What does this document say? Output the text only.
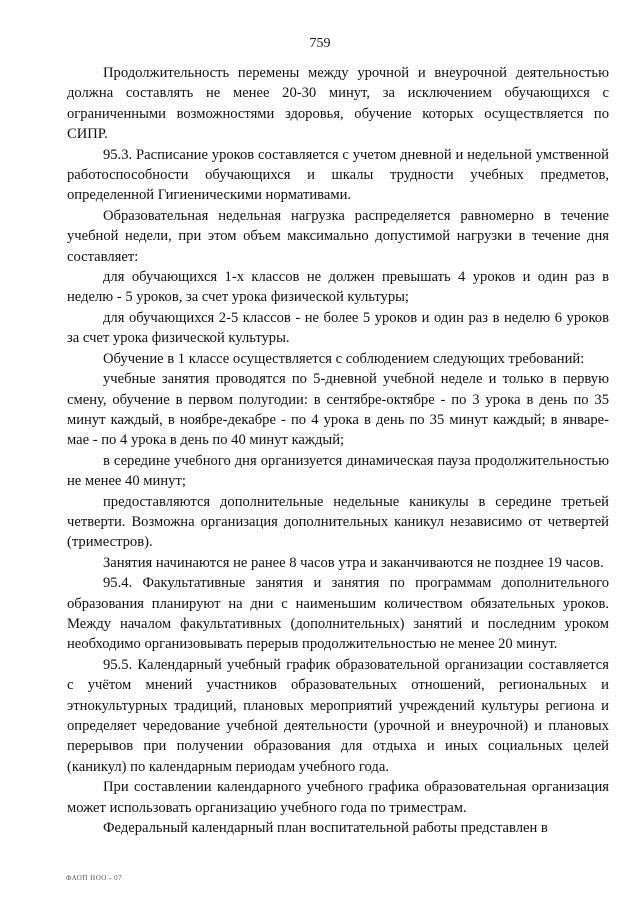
759

Продолжительность перемены между урочной и внеурочной деятельностью должна составлять не менее 20-30 минут, за исключением обучающихся с ограниченными возможностями здоровья, обучение которых осуществляется по СИПР.

95.3. Расписание уроков составляется с учетом дневной и недельной умственной работоспособности обучающихся и шкалы трудности учебных предметов, определенной Гигиеническими нормативами.

Образовательная недельная нагрузка распределяется равномерно в течение учебной недели, при этом объем максимально допустимой нагрузки в течение дня составляет:

для обучающихся 1-х классов не должен превышать 4 уроков и один раз в неделю - 5 уроков, за счет урока физической культуры;

для обучающихся 2-5 классов - не более 5 уроков и один раз в неделю 6 уроков за счет урока физической культуры.

Обучение в 1 классе осуществляется с соблюдением следующих требований:

учебные занятия проводятся по 5-дневной учебной неделе и только в первую смену, обучение в первом полугодии: в сентябре-октябре - по 3 урока в день по 35 минут каждый, в ноябре-декабре - по 4 урока в день по 35 минут каждый; в январе-мае - по 4 урока в день по 40 минут каждый;

в середине учебного дня организуется динамическая пауза продолжительностью не менее 40 минут;

предоставляются дополнительные недельные каникулы в середине третьей четверти. Возможна организация дополнительных каникул независимо от четвертей (триместров).

Занятия начинаются не ранее 8 часов утра и заканчиваются не позднее 19 часов.

95.4. Факультативные занятия и занятия по программам дополнительного образования планируют на дни с наименьшим количеством обязательных уроков. Между началом факультативных (дополнительных) занятий и последним уроком необходимо организовывать перерыв продолжительностью не менее 20 минут.

95.5. Календарный учебный график образовательной организации составляется с учётом мнений участников образовательных отношений, региональных и этнокультурных традиций, плановых мероприятий учреждений культуры региона и определяет чередование учебной деятельности (урочной и внеурочной) и плановых перерывов при получении образования для отдыха и иных социальных целей (каникул) по календарным периодам учебного года.

При составлении календарного учебного графика образовательная организация может использовать организацию учебного года по триместрам.

Федеральный календарный план воспитательной работы представлен в

ФАОП НОО - 07
